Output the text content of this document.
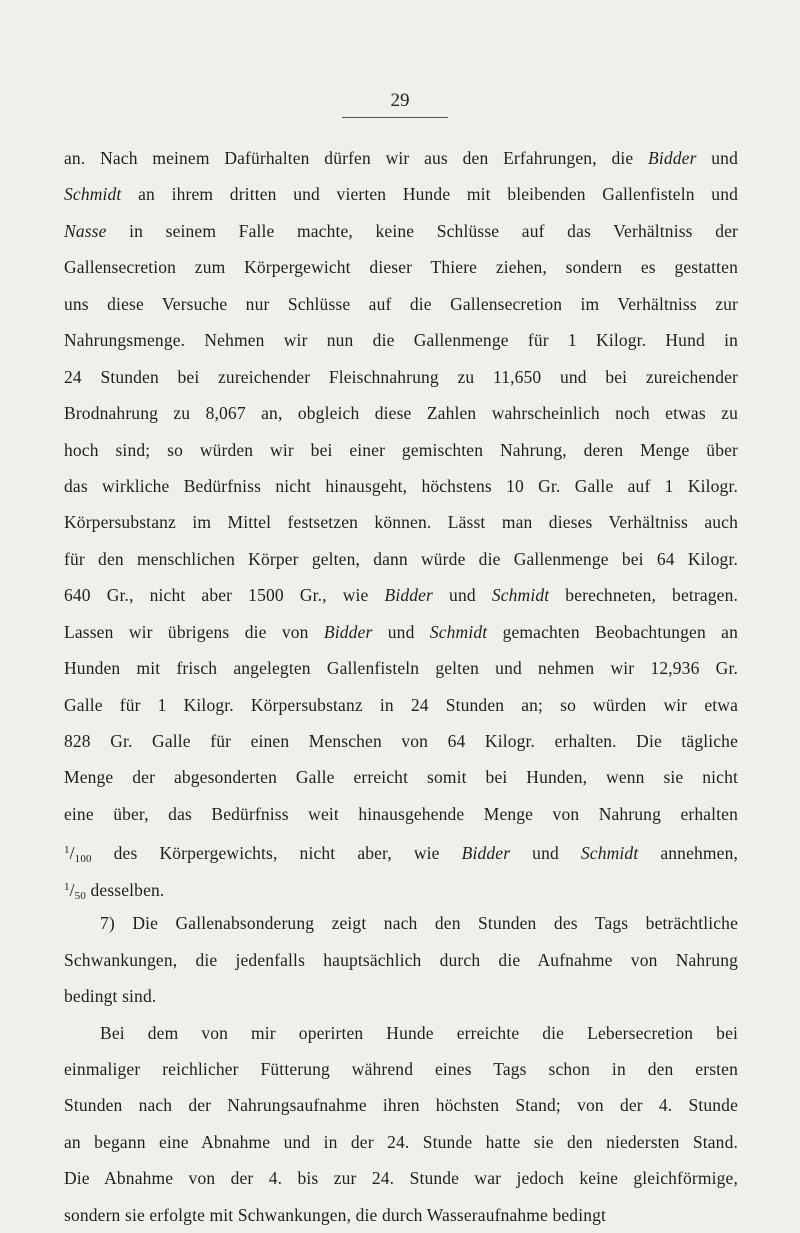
29
an. Nach meinem Dafürhalten dürfen wir aus den Erfahrungen, die Bidder und
Schmidt an ihrem dritten und vierten Hunde mit bleibenden Gallenfisteln und
Nasse in seinem Falle machte, keine Schlüsse auf das Verhältniss der
Gallensecretion zum Körpergewicht dieser Thiere ziehen, sondern es gestatten
uns diese Versuche nur Schlüsse auf die Gallensecretion im Verhältniss zur
Nahrungsmenge. Nehmen wir nun die Gallenmenge für 1 Kilogr. Hund in
24 Stunden bei zureichender Fleischnahrung zu 11,650 und bei zureichender
Brodnahrung zu 8,067 an, obgleich diese Zahlen wahrscheinlich noch etwas zu
hoch sind; so würden wir bei einer gemischten Nahrung, deren Menge über
das wirkliche Bedürfniss nicht hinausgeht, höchstens 10 Gr. Galle auf 1 Kilogr.
Körpersubstanz im Mittel festsetzen können. Lässt man dieses Verhältniss auch
für den menschlichen Körper gelten, dann würde die Gallenmenge bei 64 Kilogr.
640 Gr., nicht aber 1500 Gr., wie Bidder und Schmidt berechneten, betragen.
Lassen wir übrigens die von Bidder und Schmidt gemachten Beobachtungen an
Hunden mit frisch angelegten Gallenfisteln gelten und nehmen wir 12,936 Gr.
Galle für 1 Kilogr. Körpersubstanz in 24 Stunden an; so würden wir etwa
828 Gr. Galle für einen Menschen von 64 Kilogr. erhalten. Die tägliche
Menge der abgesonderten Galle erreicht somit bei Hunden, wenn sie nicht
eine über, das Bedürfniss weit hinausgehende Menge von Nahrung erhalten
$^1/_{100}$ des Körpergewichts, nicht aber, wie Bidder und Schmidt annehmen,
$^1/_{50}$ desselben.
7) Die Gallenabsonderung zeigt nach den Stunden des Tags beträchtliche
Schwankungen, die jedenfalls hauptsächlich durch die Aufnahme von Nahrung
bedingt sind.
Bei dem von mir operirten Hunde erreichte die Lebersecretion bei
einmaliger reichlicher Fütterung während eines Tags schon in den ersten
Stunden nach der Nahrungsaufnahme ihren höchsten Stand; von der 4. Stunde
an begann eine Abnahme und in der 24. Stunde hatte sie den niedersten Stand.
Die Abnahme von der 4. bis zur 24. Stunde war jedoch keine gleichförmige,
sondern sie erfolgte mit Schwankungen, die durch Wasseraufnahme bedingt
